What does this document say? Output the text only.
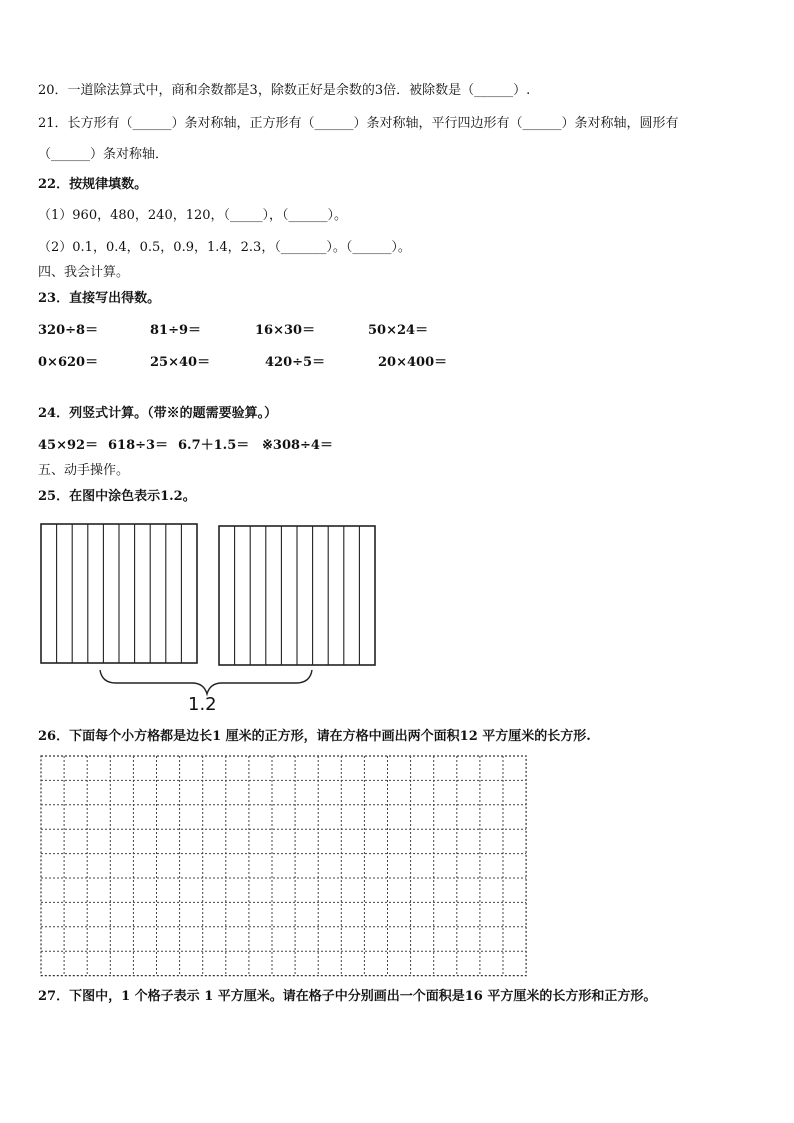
20．一道除法算式中，商和余数都是3，除数正好是余数的3倍．被除数是（______）.
21．长方形有（______）条对称轴，正方形有（______）条对称轴，平行四边形有（______）条对称轴，圆形有
（______）条对称轴．
22．按规律填数。
（1）960，480，240，120，（_____），（______）。
（2）0.1，0.4，0.5，0.9，1.4，2.3，（_______）。（______）。
四、我会计算。
23．直接写出得数。
320÷8＝	81÷9＝	16×30＝	50×24＝
0×620＝	25×40＝	420÷5＝	20×400＝
24．列竖式计算。（带※的题需要验算。）
45×92＝ 618÷3＝ 6.7＋1.5＝ ※308÷4＝
五、动手操作。
25．在图中涂色表示1.2。
1.2
26．下面每个小方格都是边长1 厘米的正方形，请在方格中画出两个面积12 平方厘米的长方形.
27．下图中，1 个格子表示 1 平方厘米。请在格子中分别画出一个面积是16 平方厘米的长方形和正方形。
